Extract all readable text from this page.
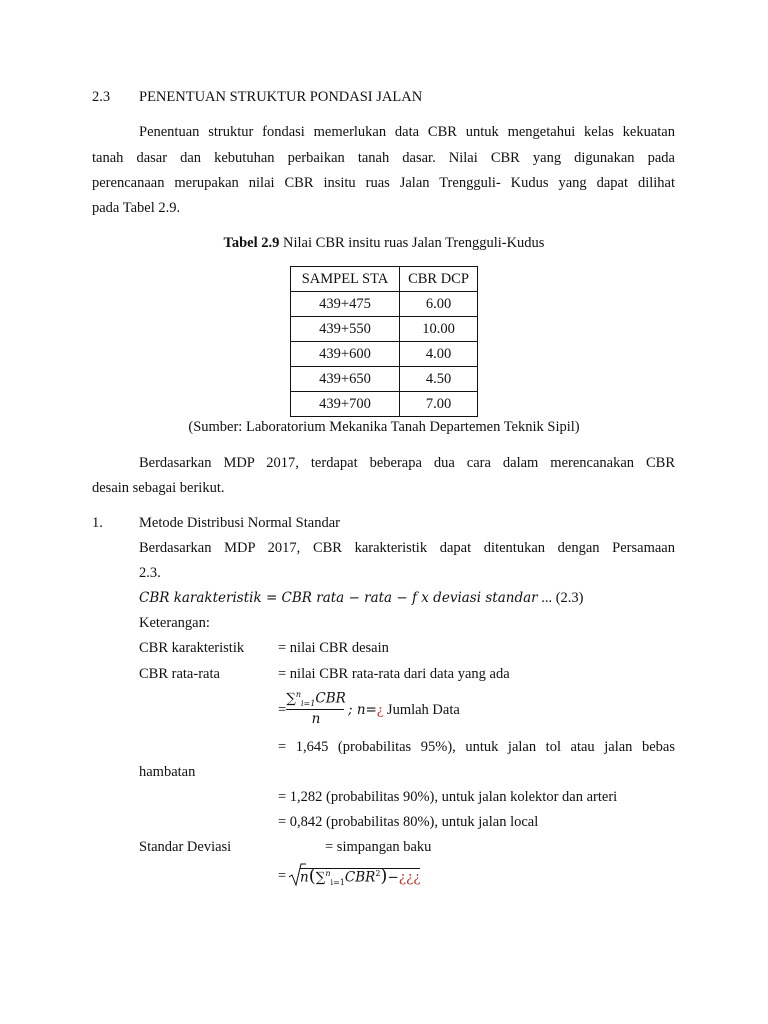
2.3 PENENTUAN STRUKTUR PONDASI JALAN
Penentuan struktur fondasi memerlukan data CBR untuk mengetahui kelas kekuatan
tanah dasar dan kebutuhan perbaikan tanah dasar. Nilai CBR yang digunakan pada
perencanaan merupakan nilai CBR insitu ruas Jalan Trengguli- Kudus yang dapat dilihat
pada Tabel 2.9.
Tabel 2.9 Nilai CBR insitu ruas Jalan Trengguli-Kudus
SAMPEL STA	CBR DCP
439+475	6.00
439+550	10.00
439+600	4.00
439+650	4.50
439+700	7.00
(Sumber: Laboratorium Mekanika Tanah Departemen Teknik Sipil)
Berdasarkan MDP 2017, terdapat beberapa dua cara dalam merencanakan CBR
desain sebagai berikut.
1. Metode Distribusi Normal Standar
Berdasarkan MDP 2017, CBR karakteristik dapat ditentukan dengan Persamaan
2.3.
CBR karakteristik = CBR rata − rata − f x deviasi standar ... (2.3)
Keterangan:
CBR karakteristik = nilai CBR desain
CBR rata-rata	= nilai CBR rata-rata dari data yang ada
=
∑$^n_{i=1}$CBR
n
; n=¿ Jumlah Data
= 1,645 (probabilitas 95%), untuk jalan tol atau jalan bebas
hambatan
= 1,282 (probabilitas 90%), untuk jalan kolektor dan arteri
= 0,842 (probabilitas 80%), untuk jalan local
Standar Deviasi	= simpangan baku
= $n(\sum^n_{i=1}CBR^2)-¿¿¿$
